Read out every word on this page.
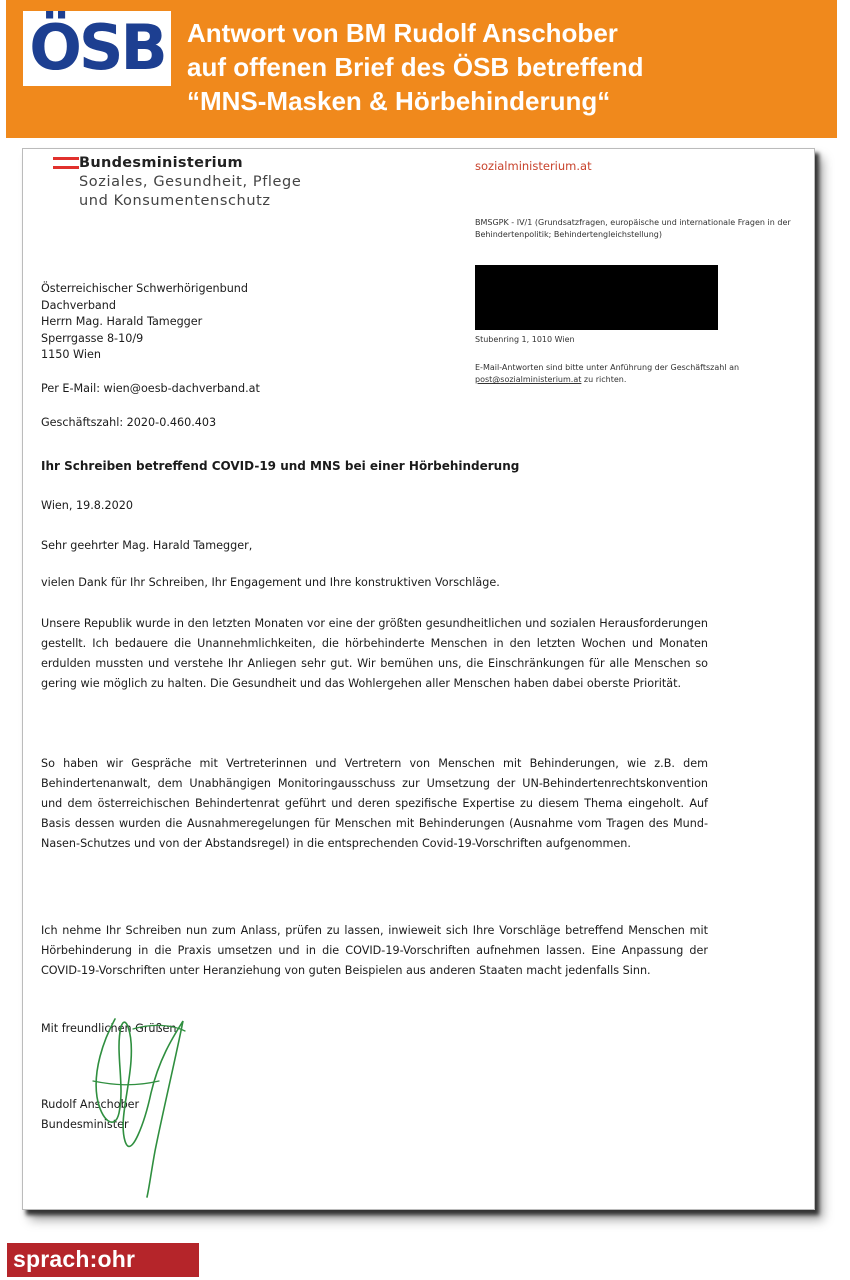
ÖSB Antwort von BM Rudolf Anschober
auf offenen Brief des ÖSB betreffend
“MNS-Masken & Hörbehinderung“
Bundesministerium
Soziales, Gesundheit, Pflege
und Konsumentenschutz
sozialministerium.at
BMSGPK - IV/1 (Grundsatzfragen, europäische und internationale Fragen in der Behindertenpolitik; Behindertengleichstellung)
Stubenring 1, 1010 Wien
E-Mail-Antworten sind bitte unter Anführung der Geschäftszahl an post@sozialministerium.at zu richten.
Österreichischer Schwerhörigenbund
Dachverband
Herrn Mag. Harald Tamegger
Sperrgasse 8-10/9
1150 Wien
Per E-Mail: wien@oesb-dachverband.at
Geschäftszahl: 2020-0.460.403
Ihr Schreiben betreffend COVID-19 und MNS bei einer Hörbehinderung
Wien, 19.8.2020
Sehr geehrter Mag. Harald Tamegger,
vielen Dank für Ihr Schreiben, Ihr Engagement und Ihre konstruktiven Vorschläge.
Unsere Republik wurde in den letzten Monaten vor eine der größten gesundheitlichen und sozialen Herausforderungen gestellt. Ich bedauere die Unannehmlichkeiten, die hörbehinderte Menschen in den letzten Wochen und Monaten erdulden mussten und verstehe Ihr Anliegen sehr gut. Wir bemühen uns, die Einschränkungen für alle Menschen so gering wie möglich zu halten. Die Gesundheit und das Wohlergehen aller Menschen haben dabei oberste Priorität.
So haben wir Gespräche mit Vertreterinnen und Vertretern von Menschen mit Behinderungen, wie z.B. dem Behindertenanwalt, dem Unabhängigen Monitoringausschuss zur Umsetzung der UN-Behindertenrechtskonvention und dem österreichischen Behindertenrat geführt und deren spezifische Expertise zu diesem Thema eingeholt. Auf Basis dessen wurden die Ausnahmeregelungen für Menschen mit Behinderungen (Ausnahme vom Tragen des Mund-Nasen-Schutzes und von der Abstandsregel) in die entsprechenden Covid-19-Vorschriften aufgenommen.
Ich nehme Ihr Schreiben nun zum Anlass, prüfen zu lassen, inwieweit sich Ihre Vorschläge betreffend Menschen mit Hörbehinderung in die Praxis umsetzen und in die COVID-19-Vorschriften aufnehmen lassen. Eine Anpassung der COVID-19-Vorschriften unter Heranziehung von guten Beispielen aus anderen Staaten macht jedenfalls Sinn.
Mit freundlichen Grüßen
Rudolf Anschober
Bundesminister
sprach:ohr
